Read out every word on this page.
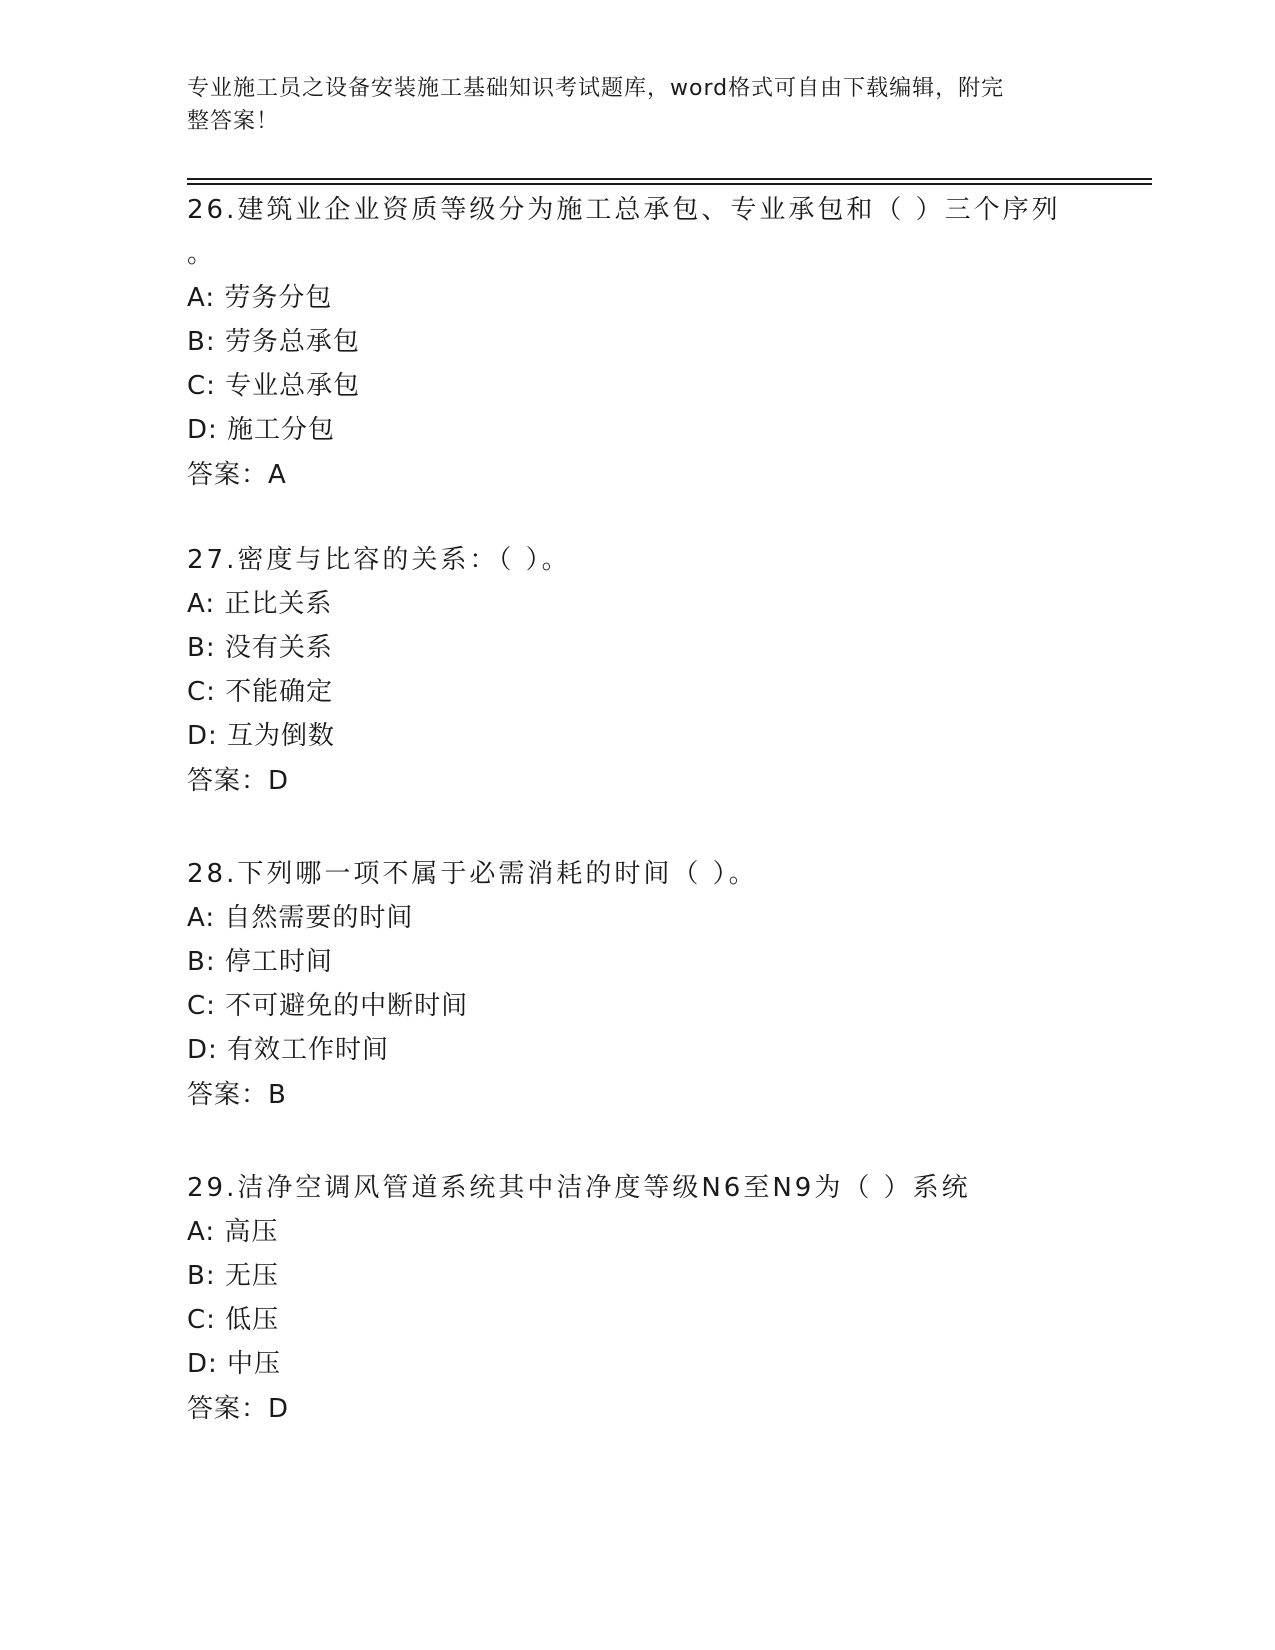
专业施工员之设备安装施工基础知识考试题库，word格式可自由下载编辑，附完
整答案！
26.建筑业企业资质等级分为施工总承包、专业承包和（ ）三个序列
。
A: 劳务分包
B: 劳务总承包
C: 专业总承包
D: 施工分包
答案：A
27.密度与比容的关系：（ ）。
A: 正比关系
B: 没有关系
C: 不能确定
D: 互为倒数
答案：D
28.下列哪一项不属于必需消耗的时间（ ）。
A: 自然需要的时间
B: 停工时间
C: 不可避免的中断时间
D: 有效工作时间
答案：B
29.洁净空调风管道系统其中洁净度等级N6至N9为（ ）系统
A: 高压
B: 无压
C: 低压
D: 中压
答案：D
